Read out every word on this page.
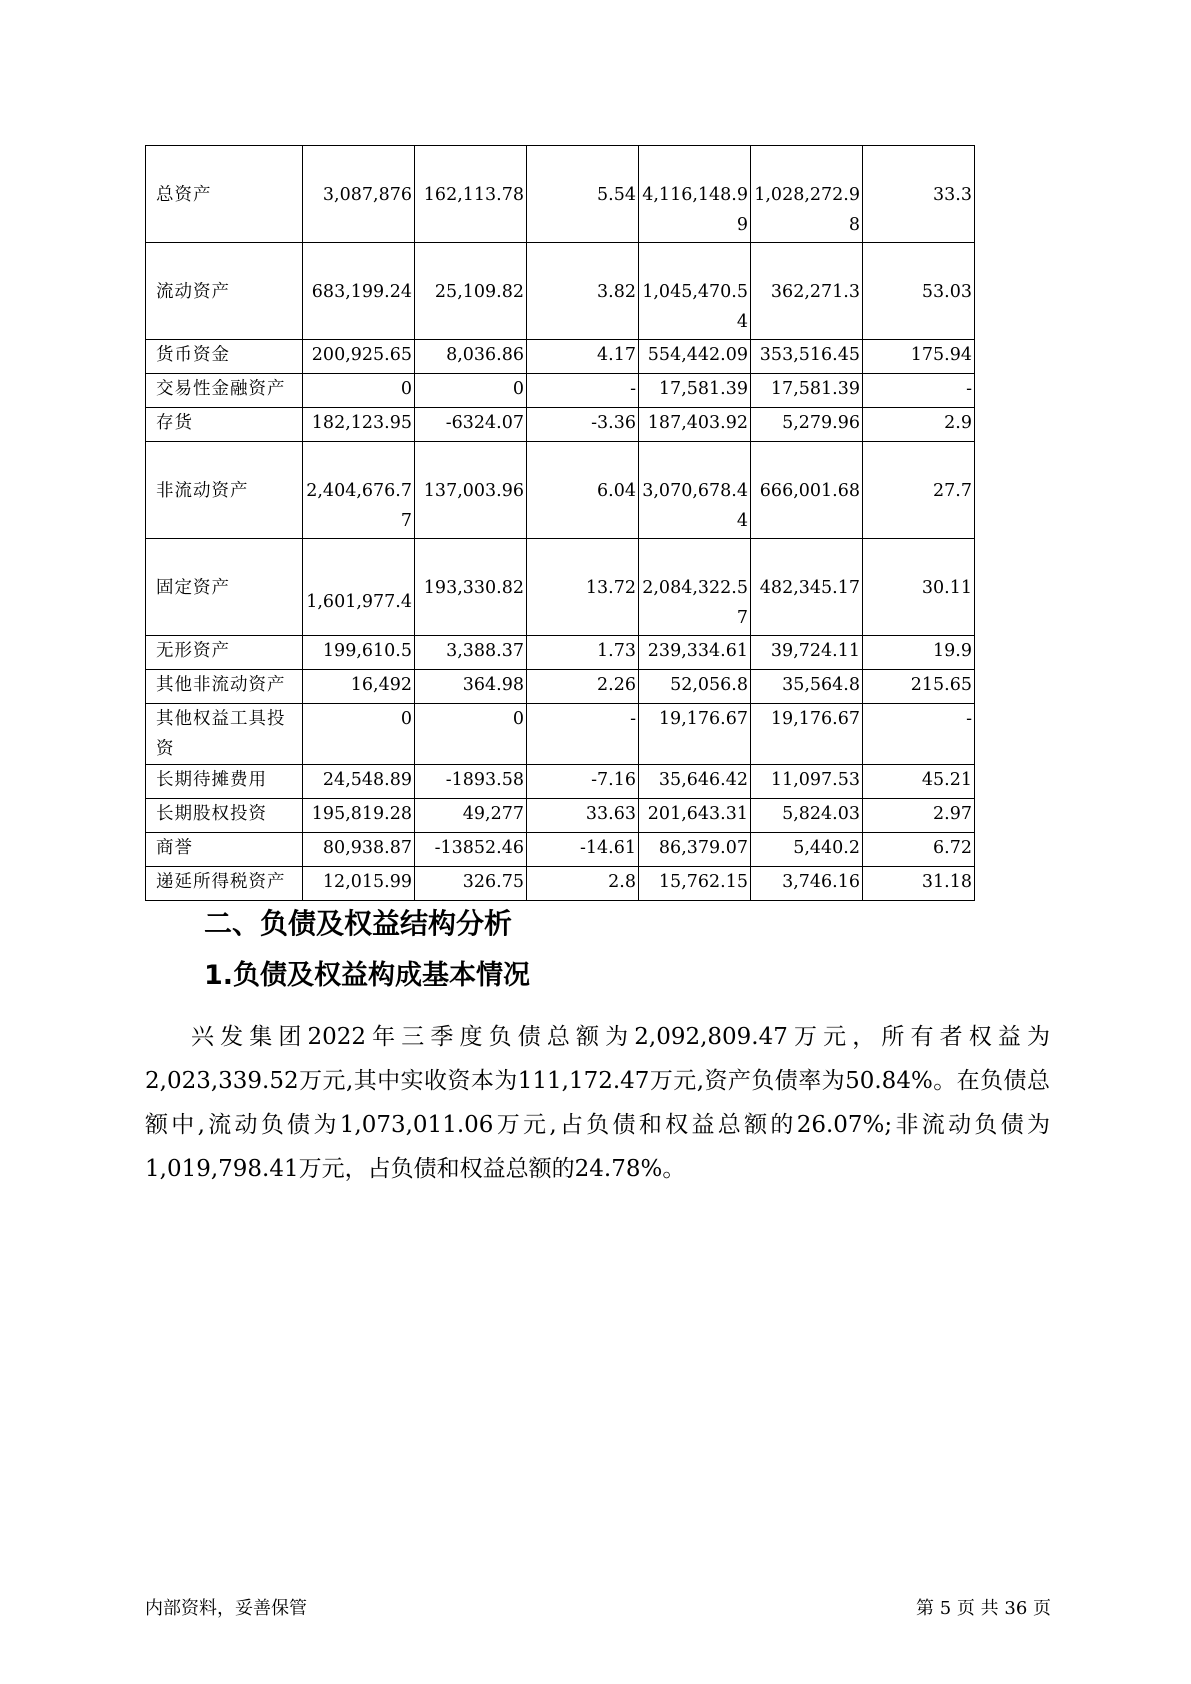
总资产	3,087,876	162,113.78	5.54	4,116,148.99	1,028,272.98	33.3
流动资产	683,199.24	25,109.82	3.82	1,045,470.54	362,271.3	53.03
货币资金	200,925.65	8,036.86	4.17	554,442.09	353,516.45	175.94
交易性金融资产	0	0	-	17,581.39	17,581.39	-
存货	182,123.95	-6324.07	-3.36	187,403.92	5,279.96	2.9
非流动资产	2,404,676.77	137,003.96	6.04	3,070,678.44	666,001.68	27.7
固定资产	1,601,977.4	193,330.82	13.72	2,084,322.57	482,345.17	30.11
无形资产	199,610.5	3,388.37	1.73	239,334.61	39,724.11	19.9
其他非流动资产	16,492	364.98	2.26	52,056.8	35,564.8	215.65
其他权益工具投资	0	0	-	19,176.67	19,176.67	-
长期待摊费用	24,548.89	-1893.58	-7.16	35,646.42	11,097.53	45.21
长期股权投资	195,819.28	49,277	33.63	201,643.31	5,824.03	2.97
商誉	80,938.87	-13852.46	-14.61	86,379.07	5,440.2	6.72
递延所得税资产	12,015.99	326.75	2.8	15,762.15	3,746.16	31.18
二、负债及权益结构分析
1.负债及权益构成基本情况

兴发集团2022年三季度负债总额为2,092,809.47万元，所有者权益为2,023,339.52万元,其中实收资本为111,172.47万元,资产负债率为50.84%。在负债总额中,流动负债为1,073,011.06万元,占负债和权益总额的26.07%;非流动负债为1,019,798.41万元，占负债和权益总额的24.78%。

内部资料，妥善保管	第 5 页 共 36 页
